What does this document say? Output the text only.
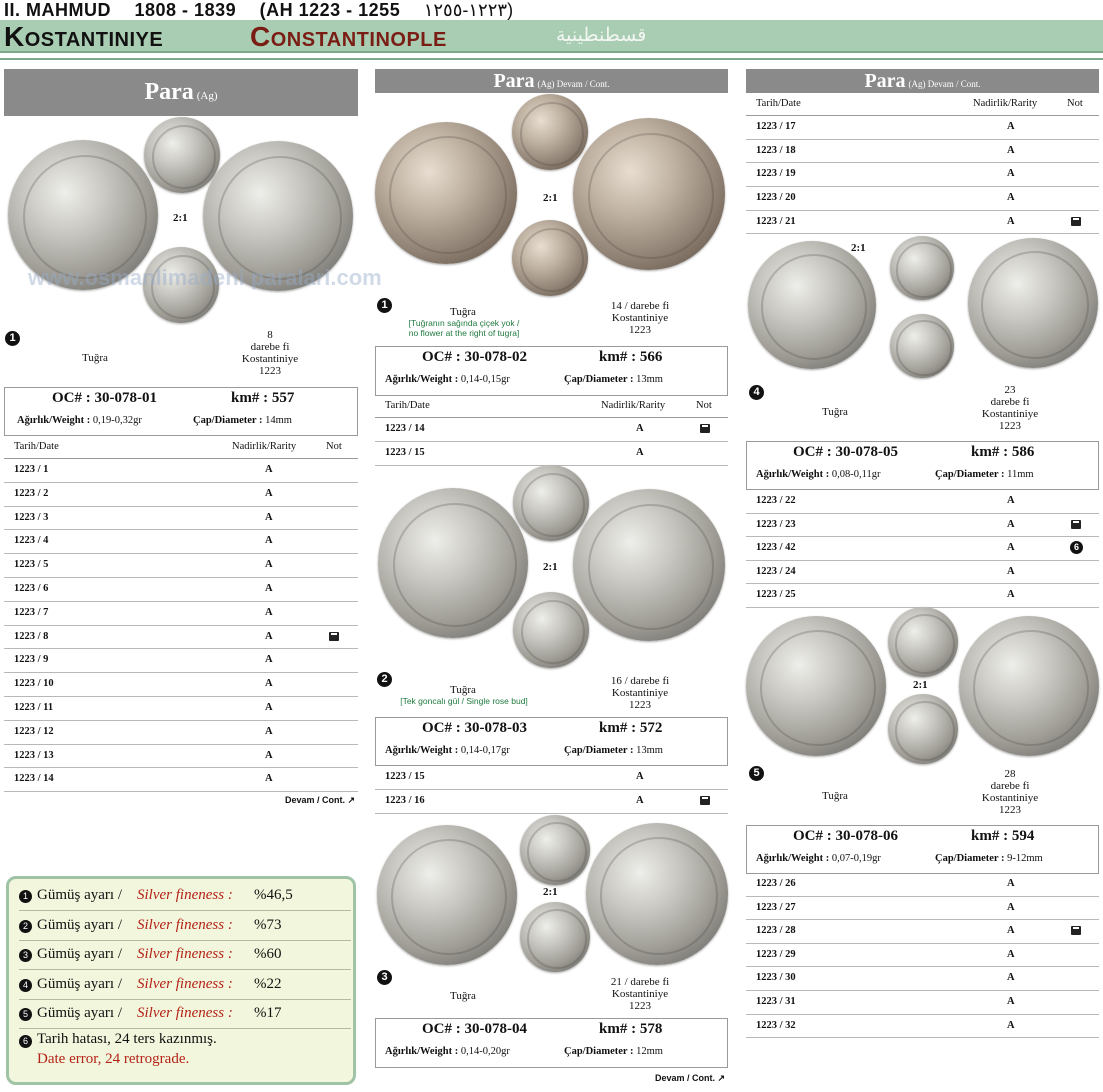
II. MAHMUD 1808 - 1839 (AH 1223 - 1255 ١٢٢٣-١٢٥٥)
Kostantiniye	Constantinople	قسطنطينية
Para (Ag)
2:1
www.osmanlimadeni paralari.com
1
Tuğra
8
darebe fi
Kostantiniye
1223
OC# : 30-078-01	km# : 557
Ağırlık/Weight : 0,19-0,32gr	Çap/Diameter : 14mm
Tarih/Date	Nadirlik/Rarity	Not
1223 / 1	A
1223 / 2	A
1223 / 3	A
1223 / 4	A
1223 / 5	A
1223 / 6	A
1223 / 7	A
1223 / 8	A
1223 / 9	A
1223 / 10	A
1223 / 11	A
1223 / 12	A
1223 / 13	A
1223 / 14	A
Devam / Cont. ↗
1 Gümüş ayarı / Silver fineness : %46,5
2 Gümüş ayarı / Silver fineness : %73
3 Gümüş ayarı / Silver fineness : %60
4 Gümüş ayarı / Silver fineness : %22
5 Gümüş ayarı / Silver fineness : %17
6 Tarih hatası, 24 ters kazınmış.
Date error, 24 retrograde.
Para (Ag) Devam / Cont.
2:1
1
Tuğra
[Tuğranın sağında çiçek yok /
no flower at the right of tugra]
14 / darebe fi
Kostantiniye
1223
OC# : 30-078-02	km# : 566
Ağırlık/Weight : 0,14-0,15gr	Çap/Diameter : 13mm
Tarih/Date	Nadirlik/Rarity	Not
1223 / 14	A
1223 / 15	A
2:1
2
Tuğra
[Tek goncalı gül / Single rose bud]
16 / darebe fi
Kostantiniye
1223
OC# : 30-078-03	km# : 572
Ağırlık/Weight : 0,14-0,17gr	Çap/Diameter : 13mm
1223 / 15	A
1223 / 16	A
2:1
3
Tuğra
21 / darebe fi
Kostantiniye
1223
OC# : 30-078-04	km# : 578
Ağırlık/Weight : 0,14-0,20gr	Çap/Diameter : 12mm
Devam / Cont. ↗
Para (Ag) Devam / Cont.
Tarih/Date	Nadirlik/Rarity	Not
1223 / 17	A
1223 / 18	A
1223 / 19	A
1223 / 20	A
1223 / 21	A
2:1
4
Tuğra
23
darebe fi
Kostantiniye
1223
OC# : 30-078-05	km# : 586
Ağırlık/Weight : 0,08-0,11gr	Çap/Diameter : 11mm
1223 / 22	A
1223 / 23	A
1223 / 42	A	6
1223 / 24	A
1223 / 25	A
2:1
5
Tuğra
28
darebe fi
Kostantiniye
1223
OC# : 30-078-06	km# : 594
Ağırlık/Weight : 0,07-0,19gr	Çap/Diameter : 9-12mm
1223 / 26	A
1223 / 27	A
1223 / 28	A
1223 / 29	A
1223 / 30	A
1223 / 31	A
1223 / 32	A
